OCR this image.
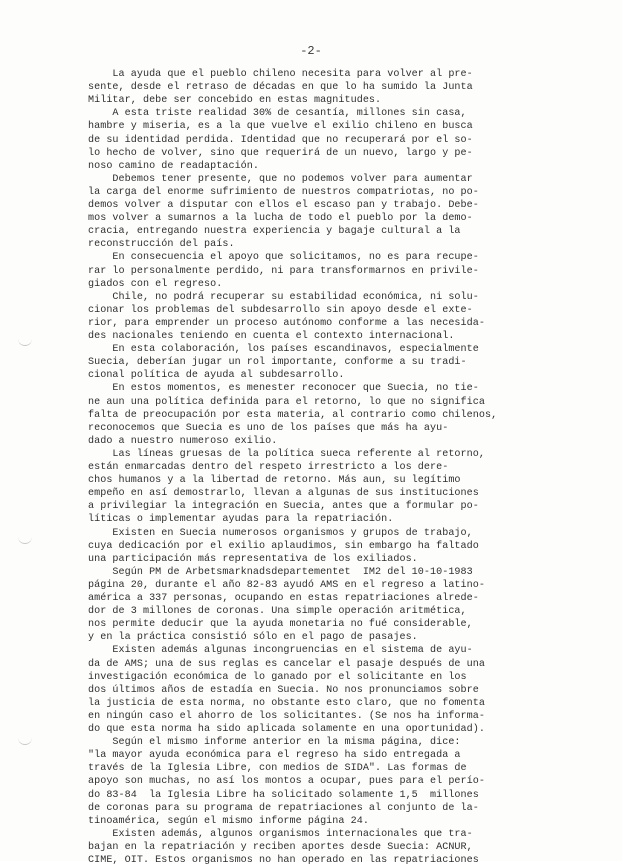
-2-
La ayuda que el pueblo chileno necesita para volver al pre-
sente, desde el retraso de décadas en que lo ha sumido la Junta
Militar, debe ser concebido en estas magnitudes.
A esta triste realidad 30% de cesantía, millones sin casa,
hambre y miseria, es a la que vuelve el exilio chileno en busca
de su identidad perdida. Identidad que no recuperará por el so-
lo hecho de volver, sino que requerirá de un nuevo, largo y pe-
noso camino de readaptación.
Debemos tener presente, que no podemos volver para aumentar
la carga del enorme sufrimiento de nuestros compatriotas, no po-
demos volver a disputar con ellos el escaso pan y trabajo. Debe-
mos volver a sumarnos a la lucha de todo el pueblo por la demo-
cracia, entregando nuestra experiencia y bagaje cultural a la
reconstrucción del país.
En consecuencia el apoyo que solicitamos, no es para recupe-
rar lo personalmente perdido, ni para transformarnos en privile-
giados con el regreso.
Chile, no podrá recuperar su estabilidad económica, ni solu-
cionar los problemas del subdesarrollo sin apoyo desde el exte-
rior, para emprender un proceso autónomo conforme a las necesida-
des nacionales teniendo en cuenta el contexto internacional.
En esta colaboración, los países escandinavos, especialmente
Suecia, deberían jugar un rol importante, conforme a su tradi-
cional política de ayuda al subdesarrollo.
En estos momentos, es menester reconocer que Suecia, no tie-
ne aun una política definida para el retorno, lo que no significa
falta de preocupación por esta materia, al contrario como chilenos,
reconocemos que Suecia es uno de los países que más ha ayu-
dado a nuestro numeroso exilio.
Las líneas gruesas de la política sueca referente al retorno,
están enmarcadas dentro del respeto irrestricto a los dere-
chos humanos y a la libertad de retorno. Más aun, su legítimo
empeño en así demostrarlo, llevan a algunas de sus instituciones
a privilegiar la integración en Suecia, antes que a formular po-
líticas o implementar ayudas para la repatriación.
Existen en Suecia numerosos organismos y grupos de trabajo,
cuya dedicación por el exilio aplaudimos, sin embargo ha faltado
una participación más representativa de los exiliados.
Según PM de Arbetsmarknadsdepartementet  IM2 del 10-10-1983
página 20, durante el año 82-83 ayudó AMS en el regreso a latino-
américa a 337 personas, ocupando en estas repatriaciones alrede-
dor de 3 millones de coronas. Una simple operación aritmética,
nos permite deducir que la ayuda monetaria no fué considerable,
y en la práctica consistió sólo en el pago de pasajes.
Existen además algunas incongruencias en el sistema de ayu-
da de AMS; una de sus reglas es cancelar el pasaje después de una
investigación económica de lo ganado por el solicitante en los
dos últimos años de estadía en Suecia. No nos pronunciamos sobre
la justicia de esta norma, no obstante esto claro, que no fomenta
en ningún caso el ahorro de los solicitantes. (Se nos ha informa-
do que esta norma ha sido aplicada solamente en una oportunidad).
Según el mismo informe anterior en la misma página, dice:
"la mayor ayuda económica para el regreso ha sido entregada a
través de la Iglesia Libre, con medios de SIDA". Las formas de
apoyo son muchas, no así los montos a ocupar, pues para el perío-
do 83-84  la Iglesia Libre ha solicitado solamente 1,5  millones
de coronas para su programa de repatriaciones al conjunto de la-
tinoamérica, según el mismo informe página 24.
Existen además, algunos organismos internacionales que tra-
bajan en la repatriación y reciben aportes desde Suecia: ACNUR,
CIME, OIT. Estos organismos no han operado en las repatriaciones
